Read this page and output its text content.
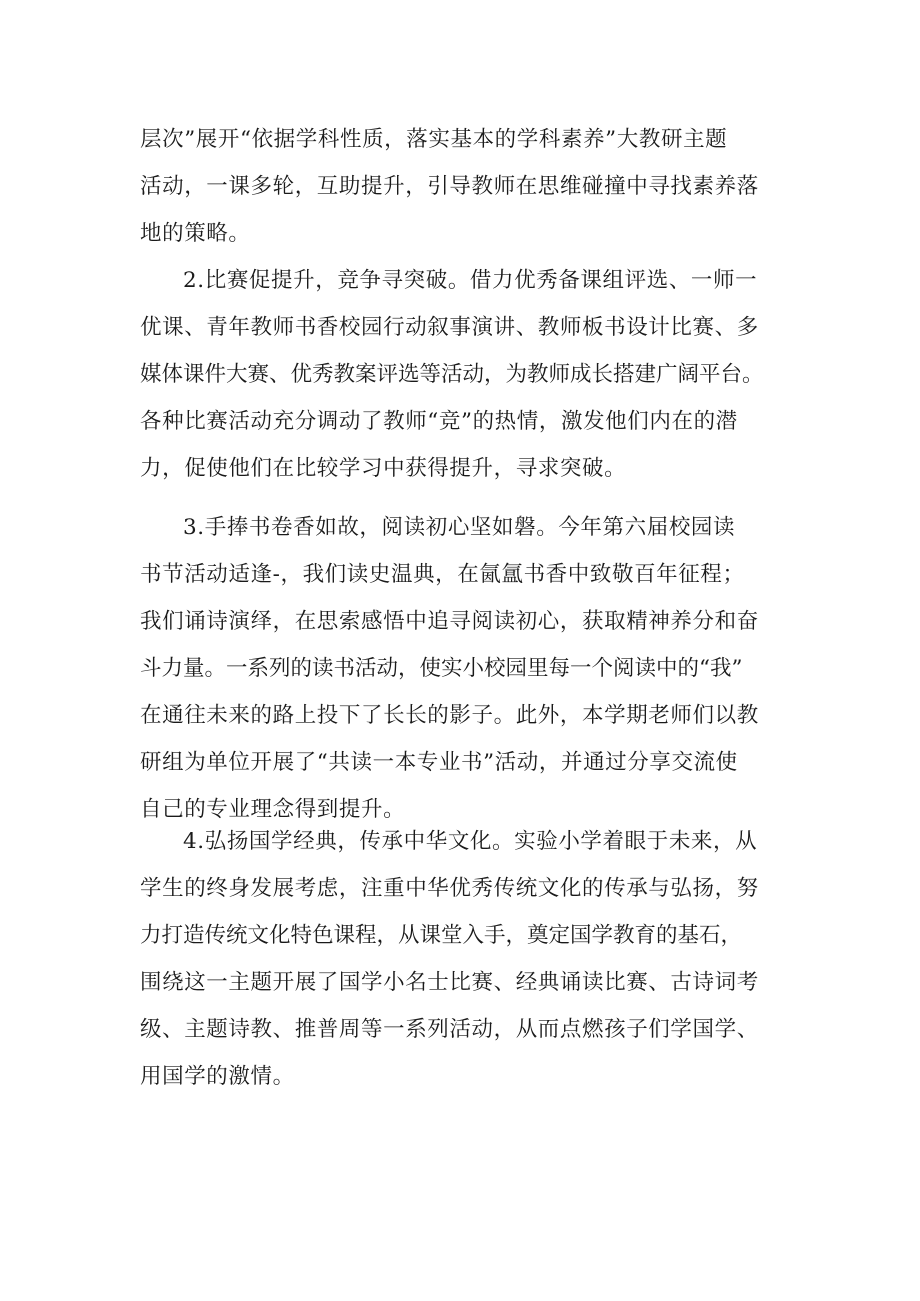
层次”展开“依据学科性质，落实基本的学科素养”大教研主题
活动，一课多轮，互助提升，引导教师在思维碰撞中寻找素养落
地的策略。
2.比赛促提升，竞争寻突破。借力优秀备课组评选、一师一
优课、青年教师书香校园行动叙事演讲、教师板书设计比赛、多
媒体课件大赛、优秀教案评选等活动，为教师成长搭建广阔平台。
各种比赛活动充分调动了教师“竞”的热情，激发他们内在的潜
力，促使他们在比较学习中获得提升，寻求突破。
3.手捧书卷香如故，阅读初心坚如磐。今年第六届校园读
书节活动适逢-，我们读史温典，在氤氲书香中致敬百年征程；
我们诵诗演绎，在思索感悟中追寻阅读初心，获取精神养分和奋
斗力量。一系列的读书活动，使实小校园里每一个阅读中的“我”
在通往未来的路上投下了长长的影子。此外，本学期老师们以教
研组为单位开展了“共读一本专业书”活动，并通过分享交流使
自己的专业理念得到提升。
4.弘扬国学经典，传承中华文化。实验小学着眼于未来，从
学生的终身发展考虑，注重中华优秀传统文化的传承与弘扬，努
力打造传统文化特色课程，从课堂入手，奠定国学教育的基石，
围绕这一主题开展了国学小名士比赛、经典诵读比赛、古诗词考
级、主题诗教、推普周等一系列活动，从而点燃孩子们学国学、
用国学的激情。
